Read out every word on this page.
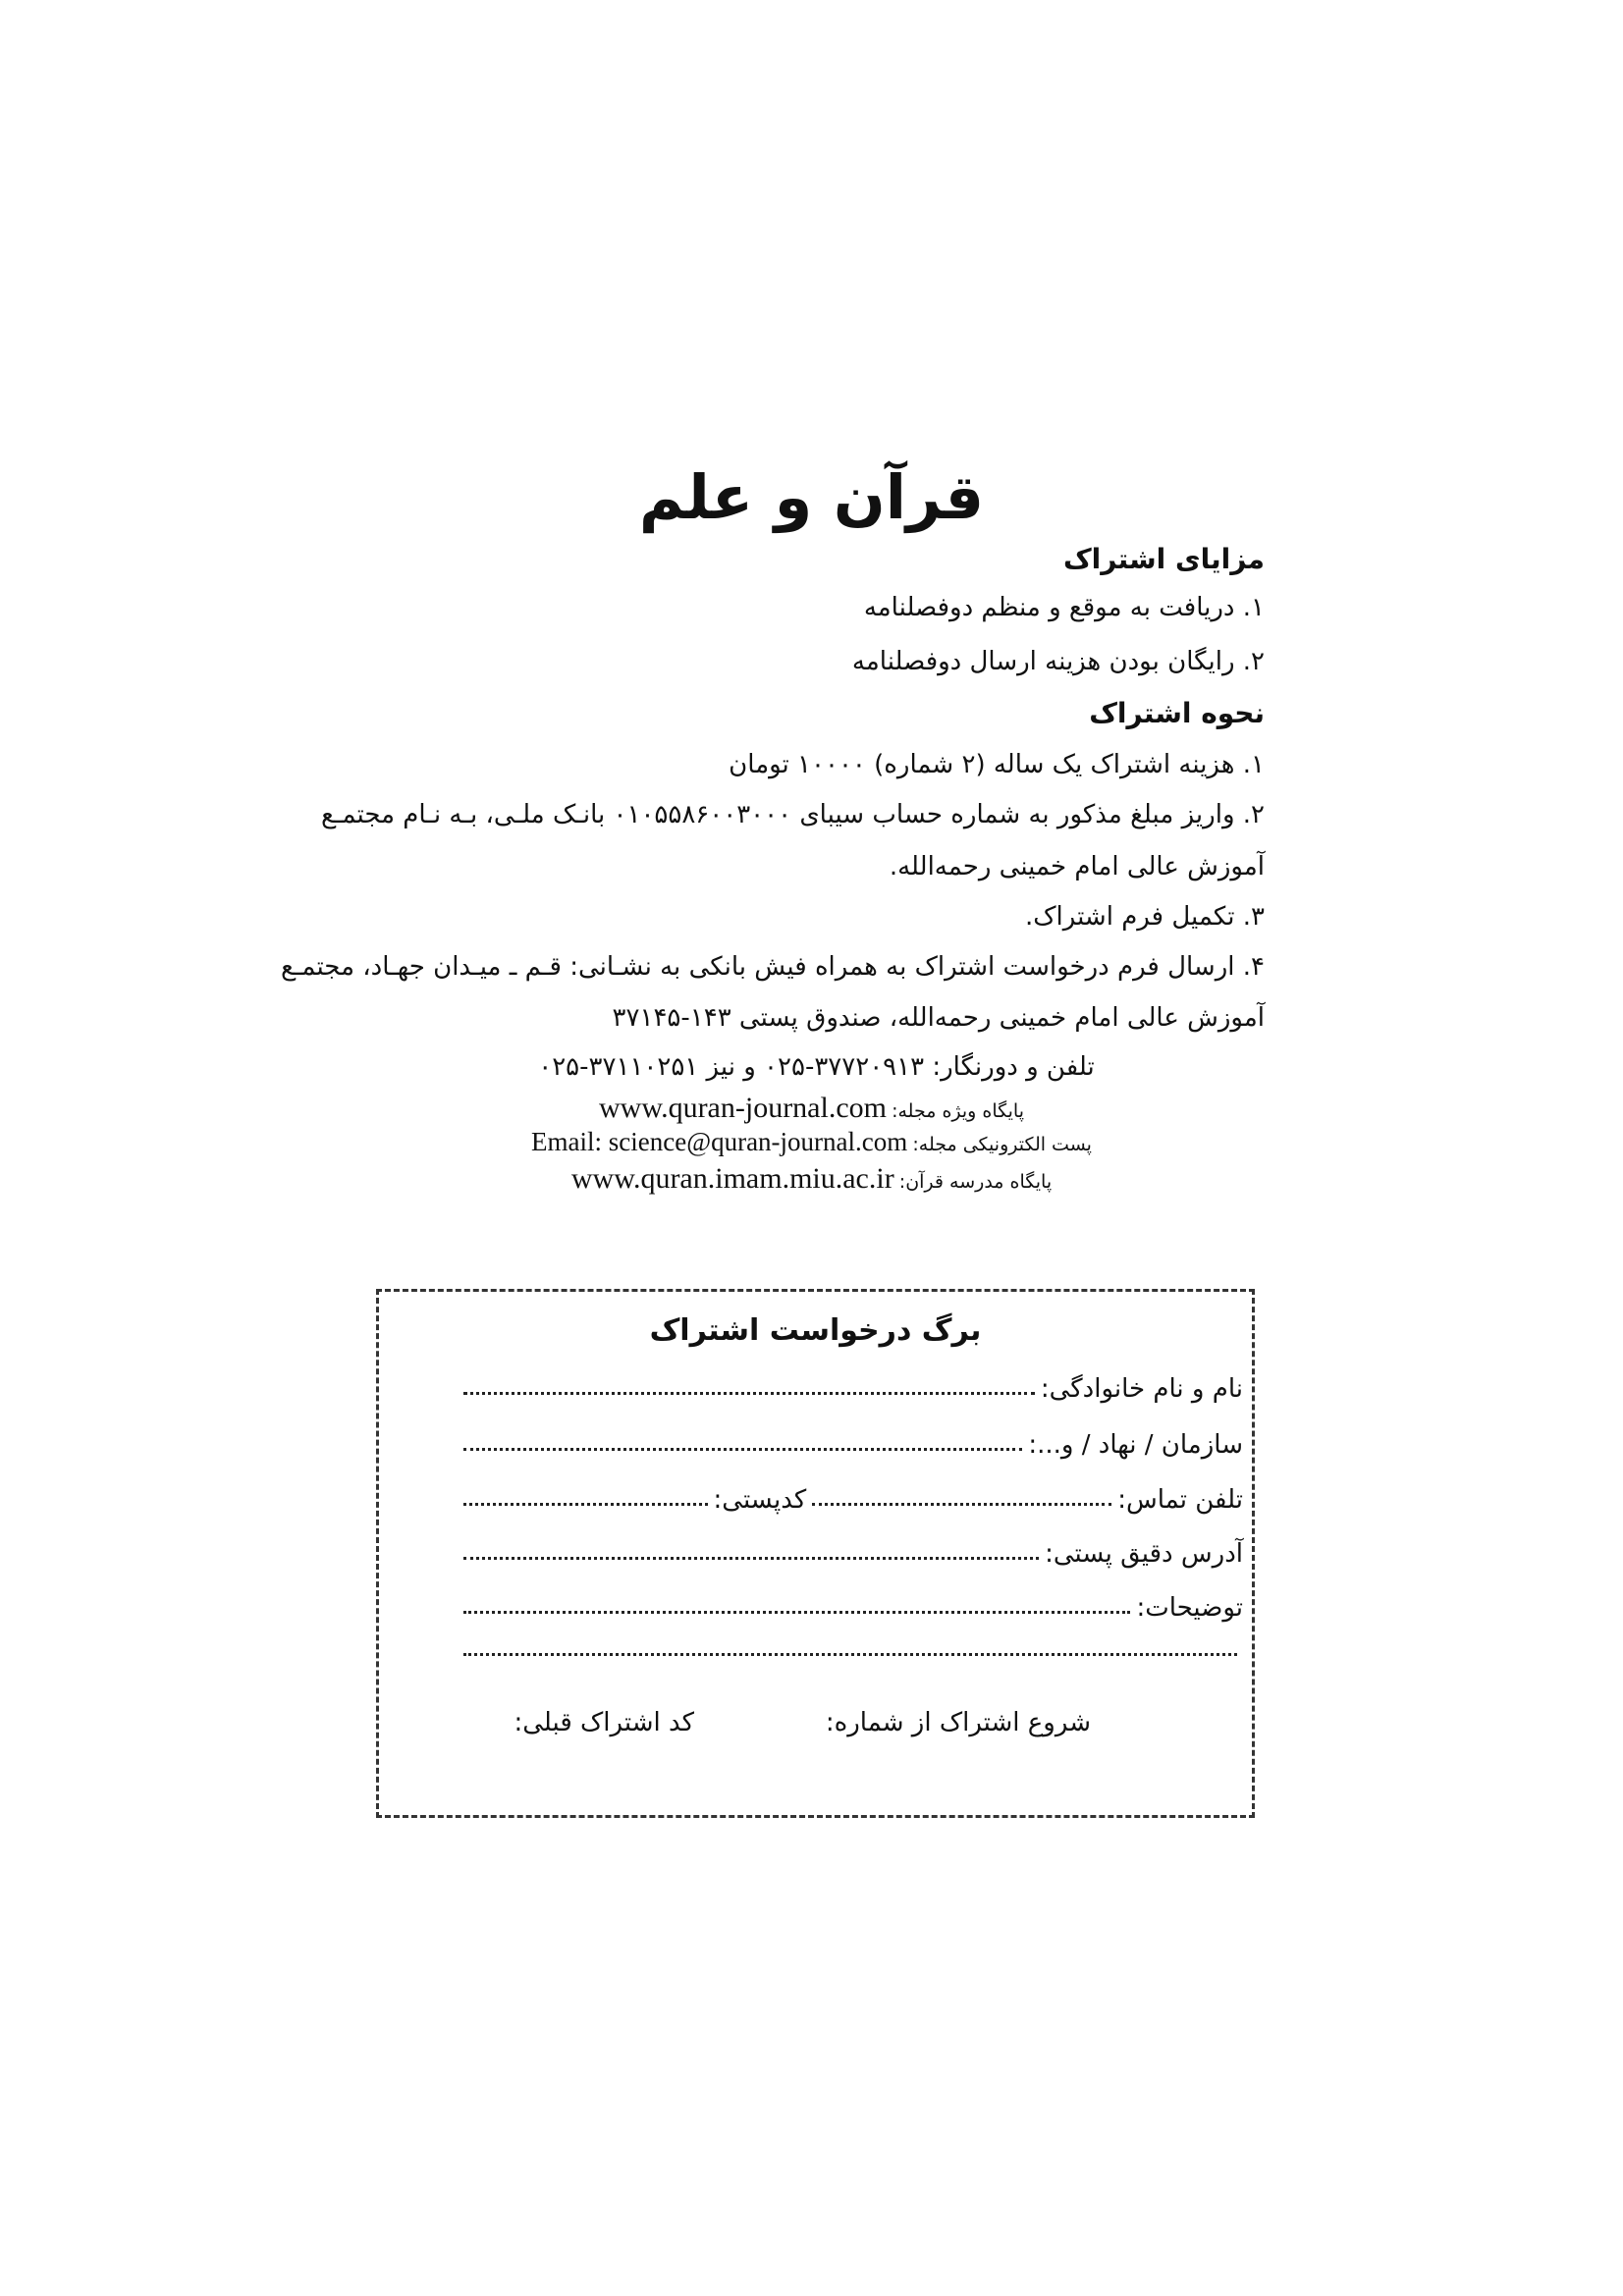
قرآن و علم
مزایای اشتراک
۱. دریافت به موقع و منظم دوفصلنامه
۲. رایگان بودن هزینه ارسال دوفصلنامه
نحوه اشتراک
۱. هزینه اشتراک یک ساله (۲ شماره) ۱۰۰۰۰ تومان
۲. واریز مبلغ مذکور به شماره حساب سیبای ۰۱۰۵۵۸۶۰۰۳۰۰۰ بانـک ملـی، بـه نـام مجتمـع
آموزش عالی امام خمینی رحمه‌الله.
۳. تکمیل فرم اشتراک.
۴. ارسال فرم درخواست اشتراک به همراه فیش بانکی به نشـانی: قـم ـ میـدان جهـاد، مجتمـع
آموزش عالی امام خمینی رحمه‌الله، صندوق پستی ۱۴۳-۳۷۱۴۵
تلفن و دورنگار: ۳۷۷۲۰۹۱۳-۰۲۵ و نیز ۳۷۱۱۰۲۵۱-۰۲۵
www.quran-journal.com پایگاه ویژه مجله:
Email: science@quran-journal.com پست الکترونیکی مجله:
www.quran.imam.miu.ac.ir پایگاه مدرسه قرآن:
برگ درخواست اشتراک
نام و نام خانوادگی:
سازمان / نهاد / و...:
تلفن تماس:
کدپستی:
آدرس دقیق پستی:
توضیحات:
شروع اشتراک از شماره:
کد اشتراک قبلی:
